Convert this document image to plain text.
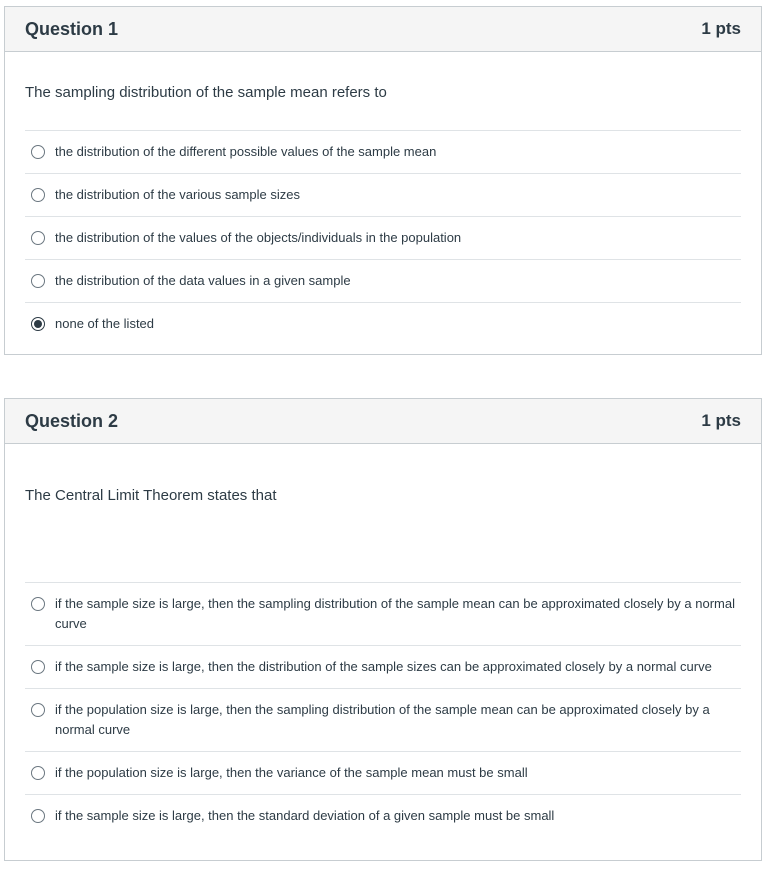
Question 1	1 pts
The sampling distribution of the sample mean refers to
the distribution of the different possible values of the sample mean
the distribution of the various sample sizes
the distribution of the values of the objects/individuals in the population
the distribution of the data values in a given sample
none of the listed
Question 2	1 pts
The Central Limit Theorem states that
if the sample size is large, then the sampling distribution of the sample mean can be approximated closely by a normal curve
if the sample size is large, then the distribution of the sample sizes can be approximated closely by a normal curve
if the population size is large, then the sampling distribution of the sample mean can be approximated closely by a normal curve
if the population size is large, then the variance of the sample mean must be small
if the sample size is large, then the standard deviation of a given sample must be small
